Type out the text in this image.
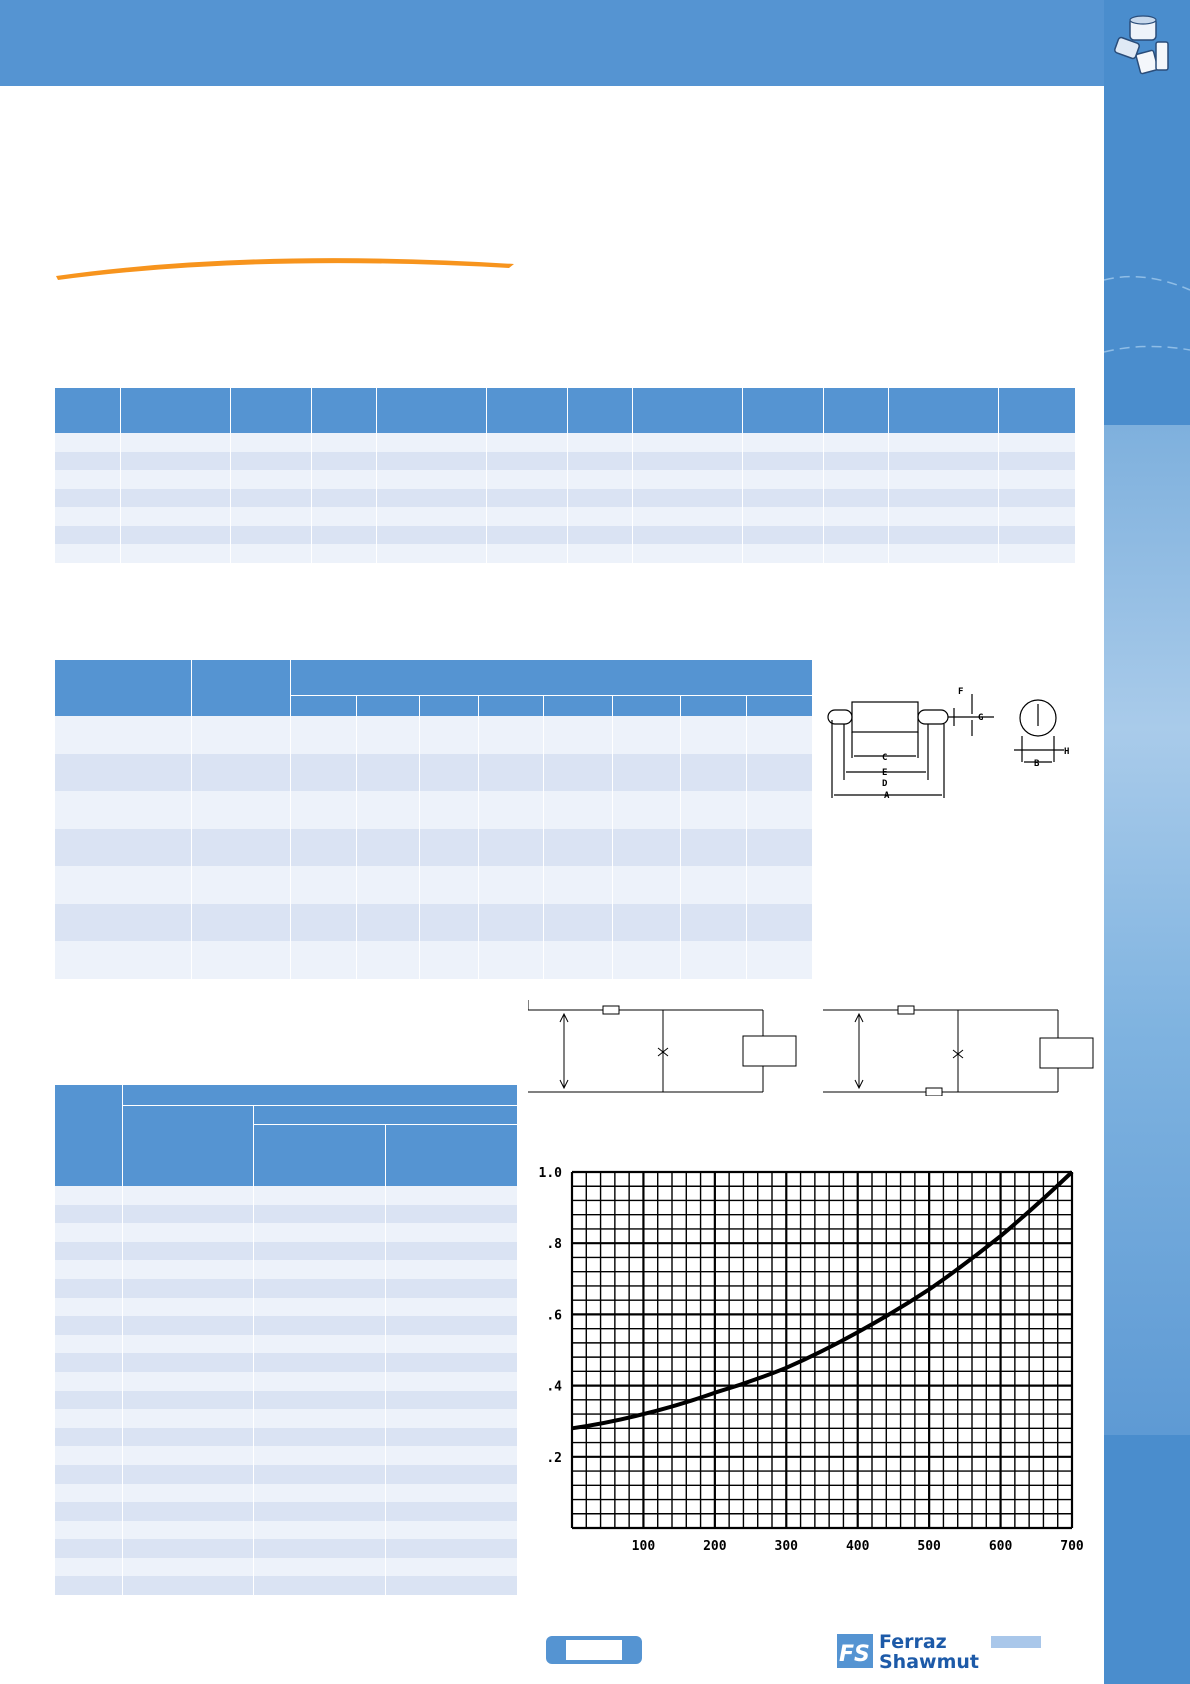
F
G
C
E
D
A
H
B

100	200	300	400	500	600	700
1.0
.8
.6
.4
.2
FS Ferraz
Shawmut
